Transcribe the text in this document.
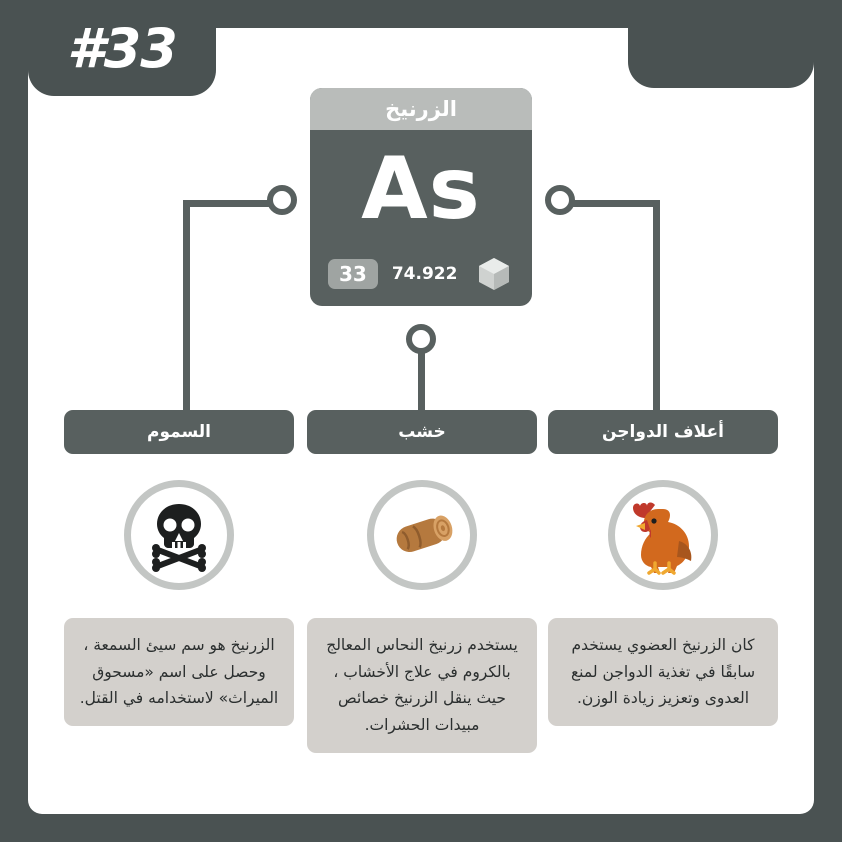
#33
الزرنيخ
As
33	74.922
السموم
الزرنيخ هو سم سيئ السمعة ، وحصل على اسم «مسحوق الميراث» لاستخدامه في القتل.
خشب
يستخدم زرنيخ النحاس المعالج بالكروم في علاج الأخشاب ، حيث ينقل الزرنيخ خصائص مبيدات الحشرات.
أعلاف الدواجن
كان الزرنيخ العضوي يستخدم سابقًا في تغذية الدواجن لمنع العدوى وتعزيز زيادة الوزن.
